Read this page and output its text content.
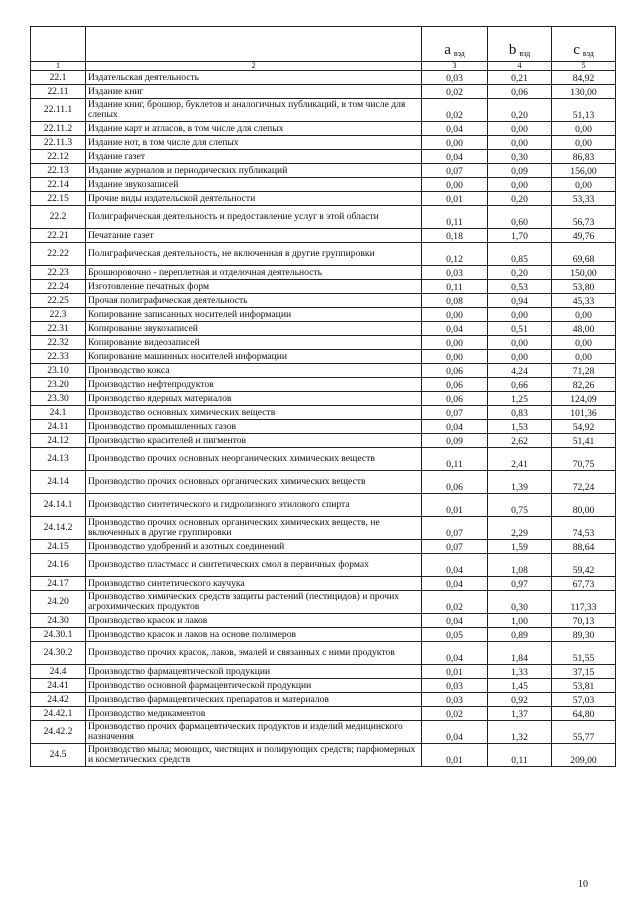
		a $_{вэд}$	b $_{вэд}$	c $_{вэд}$
1	2	3	4	5
22.1	Издательская деятельность	0,03	0,21	84,92
22.11	Издание книг	0,02	0,06	130,00
22.11.1	Издание книг, брошюр, буклетов и аналогичных публикаций, в том числе для слепых	0,02	0,20	51,13
22.11.2	Издание карт и атласов, в том числе для слепых	0,04	0,00	0,00
22.11.3	Издание нот, в том числе для слепых	0,00	0,00	0,00
22.12	Издание газет	0,04	0,30	86,83
22.13	Издание журналов и периодических публикаций	0,07	0,09	156,00
22.14	Издание звукозаписей	0,00	0,00	0,00
22.15	Прочие виды издательской деятельности	0,01	0,20	53,33
22.2	Полиграфическая деятельность и предоставление услуг в этой области	0,11	0,60	56,73
22.21	Печатание газет	0,18	1,70	49,76
22.22	Полиграфическая деятельность, не включенная в другие группировки	0,12	0,85	69,68
22.23	Брошюровочно - переплетная и отделочная деятельность	0,03	0,20	150,00
22.24	Изготовление печатных форм	0,11	0,53	53,80
22.25	Прочая полиграфическая деятельность	0,08	0,94	45,33
22.3	Копирование записанных носителей информации	0,00	0,00	0,00
22.31	Копирование звукозаписей	0,04	0,51	48,00
22.32	Копирование видеозаписей	0,00	0,00	0,00
22.33	Копирование машинных носителей информации	0,00	0,00	0,00
23.10	Производство кокса	0,06	4,24	71,28
23.20	Производство нефтепродуктов	0,06	0,66	82,26
23.30	Производство ядерных материалов	0,06	1,25	124,09
24.1	Производство основных химических веществ	0,07	0,83	101,36
24.11	Производство промышленных газов	0,04	1,53	54,92
24.12	Производство красителей и пигментов	0,09	2,62	51,41
24.13	Производство прочих основных неорганических химических веществ	0,11	2,41	70,75
24.14	Производство прочих основных органических химических веществ	0,06	1,39	72,24
24.14.1	Производство синтетического и гидролизного этилового спирта	0,01	0,75	80,00
24.14.2	Производство прочих основных органических химических веществ, не включенных в другие группировки	0,07	2,29	74,53
24.15	Производство удобрений и азотных соединений	0,07	1,59	88,64
24.16	Производство пластмасс и синтетических смол в первичных формах	0,04	1,08	59,42
24.17	Производство синтетического каучука	0,04	0,97	67,73
24.20	Производство химических средств защиты растений (пестицидов) и прочих агрохимических продуктов	0,02	0,30	117,33
24.30	Производство красок и лаков	0,04	1,00	70,13
24.30.1	Производство красок и лаков на основе полимеров	0,05	0,89	89,30
24.30.2	Производство прочих красок, лаков, эмалей и связанных с ними продуктов	0,04	1,84	51,55
24.4	Производство фармацевтической продукции	0,01	1,33	37,15
24.41	Производство основной фармацевтической продукции	0,03	1,45	53,81
24.42	Производство фармацевтических препаратов и материалов	0,03	0,92	57,03
24.42.1	Производство медикаментов	0,02	1,37	64,80
24.42.2	Производство прочих фармацевтических продуктов и изделий медицинского назначения	0,04	1,32	55,77
24.5	Производство мыла; моющих, чистящих и полирующих средств; парфюмерных и косметических средств	0,01	0,11	209,00
10
